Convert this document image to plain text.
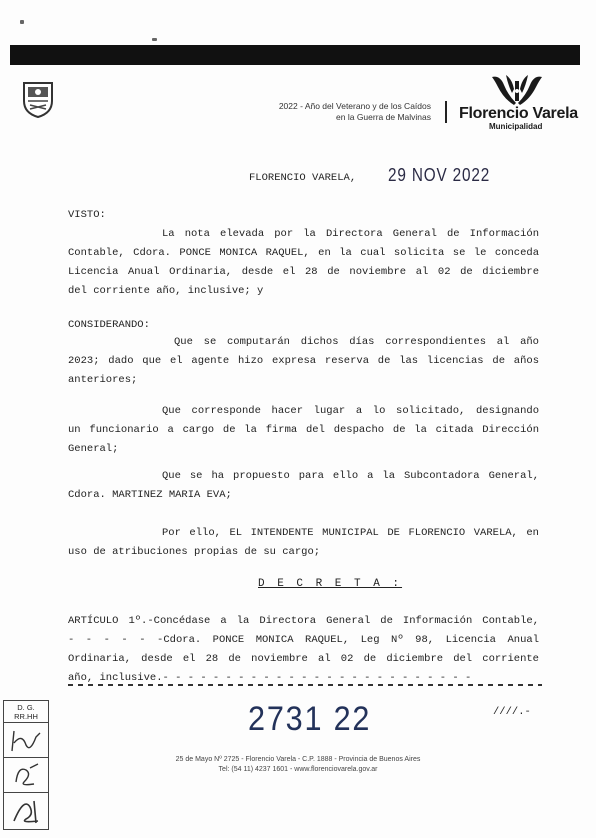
2022 - Año del Veterano y de los Caídos
en la Guerra de Malvinas Florencio Varela
Municipalidad
FLORENCIO VARELA, 29 NOV 2022
VISTO:
La nota elevada por la Directora General de Información
Contable, Cdora. PONCE MONICA RAQUEL, en la cual solicita se le conceda
Licencia Anual Ordinaria, desde el 28 de noviembre al 02 de diciembre
del corriente año, inclusive; y
CONSIDERANDO:
Que se computarán dichos días correspondientes al año
2023; dado que el agente hizo expresa reserva de las licencias de años
anteriores;
Que corresponde hacer lugar a lo solicitado, designando
un funcionario a cargo de la firma del despacho de la citada Dirección
General;
Que se ha propuesto para ello a la Subcontadora General,
Cdora. MARTINEZ MARIA EVA;
Por ello, EL INTENDENTE MUNICIPAL DE FLORENCIO VARELA, en
uso de atribuciones propias de su cargo;
D E C R E T A :
ARTÍCULO 1º.-Concédase a la Directora General de Información Contable,
- - - - - -Cdora. PONCE MONICA RAQUEL, Leg Nº 98, Licencia Anual
Ordinaria, desde el 28 de noviembre al 02 de diciembre del corriente
año, inclusive.- - - - - - - - - - - - - - - - - - - - - - - - -
D. G.
RR.HH	2731 22	////.-
25 de Mayo Nº 2725 - Florencio Varela - C.P. 1888 - Provincia de Buenos Aires
Tel: (54 11) 4237 1601 - www.florenciovarela.gov.ar
